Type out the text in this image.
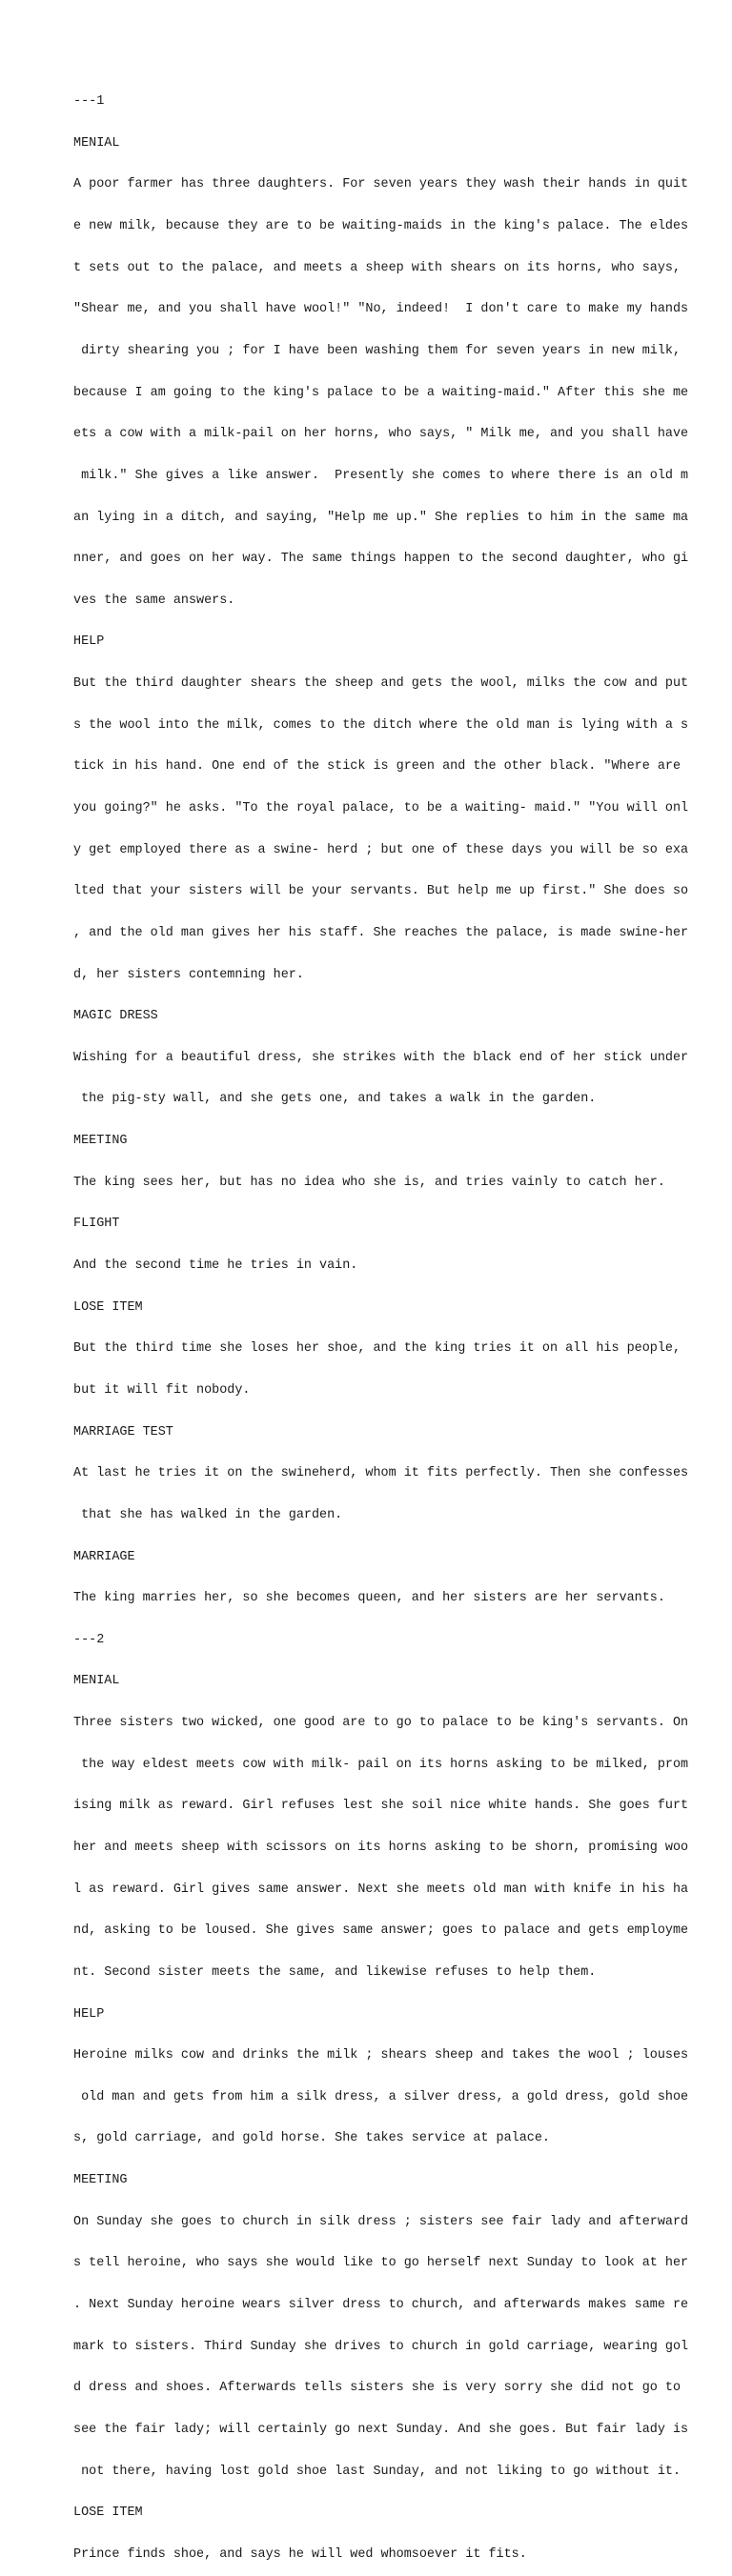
---1

MENIAL

A poor farmer has three daughters. For seven years they wash their hands in quit

e new milk, because they are to be waiting-maids in the king's palace. The eldes

t sets out to the palace, and meets a sheep with shears on its horns, who says,

"Shear me, and you shall have wool!" "No, indeed!  I don't care to make my hands

dirty shearing you ; for I have been washing them for seven years in new milk,

because I am going to the king's palace to be a waiting-maid." After this she me

ets a cow with a milk-pail on her horns, who says, " Milk me, and you shall have

milk." She gives a like answer.  Presently she comes to where there is an old m

an lying in a ditch, and saying, "Help me up." She replies to him in the same ma

nner, and goes on her way. The same things happen to the second daughter, who gi

ves the same answers.

HELP

But the third daughter shears the sheep and gets the wool, milks the cow and put

s the wool into the milk, comes to the ditch where the old man is lying with a s

tick in his hand. One end of the stick is green and the other black. "Where are

you going?" he asks. "To the royal palace, to be a waiting- maid." "You will onl

y get employed there as a swine- herd ; but one of these days you will be so exa

lted that your sisters will be your servants. But help me up first." She does so

, and the old man gives her his staff. She reaches the palace, is made swine-her

d, her sisters contemning her.

MAGIC DRESS

Wishing for a beautiful dress, she strikes with the black end of her stick under

the pig-sty wall, and she gets one, and takes a walk in the garden.

MEETING

The king sees her, but has no idea who she is, and tries vainly to catch her.

FLIGHT

And the second time he tries in vain.

LOSE ITEM

But the third time she loses her shoe, and the king tries it on all his people,

but it will fit nobody.

MARRIAGE TEST

At last he tries it on the swineherd, whom it fits perfectly. Then she confesses

that she has walked in the garden.

MARRIAGE

The king marries her, so she becomes queen, and her sisters are her servants.

---2

MENIAL

Three sisters two wicked, one good are to go to palace to be king's servants. On

the way eldest meets cow with milk- pail on its horns asking to be milked, prom

ising milk as reward. Girl refuses lest she soil nice white hands. She goes furt

her and meets sheep with scissors on its horns asking to be shorn, promising woo

l as reward. Girl gives same answer. Next she meets old man with knife in his ha

nd, asking to be loused. She gives same answer; goes to palace and gets employme

nt. Second sister meets the same, and likewise refuses to help them.

HELP

Heroine milks cow and drinks the milk ; shears sheep and takes the wool ; louses

old man and gets from him a silk dress, a silver dress, a gold dress, gold shoe

s, gold carriage, and gold horse. She takes service at palace.

MEETING

On Sunday she goes to church in silk dress ; sisters see fair lady and afterward

s tell heroine, who says she would like to go herself next Sunday to look at her

. Next Sunday heroine wears silver dress to church, and afterwards makes same re

mark to sisters. Third Sunday she drives to church in gold carriage, wearing gol

d dress and shoes. Afterwards tells sisters she is very sorry she did not go to

see the fair lady; will certainly go next Sunday. And she goes. But fair lady is

not there, having lost gold shoe last Sunday, and not liking to go without it.

LOSE ITEM

Prince finds shoe, and says he will wed whomsoever it fits.
